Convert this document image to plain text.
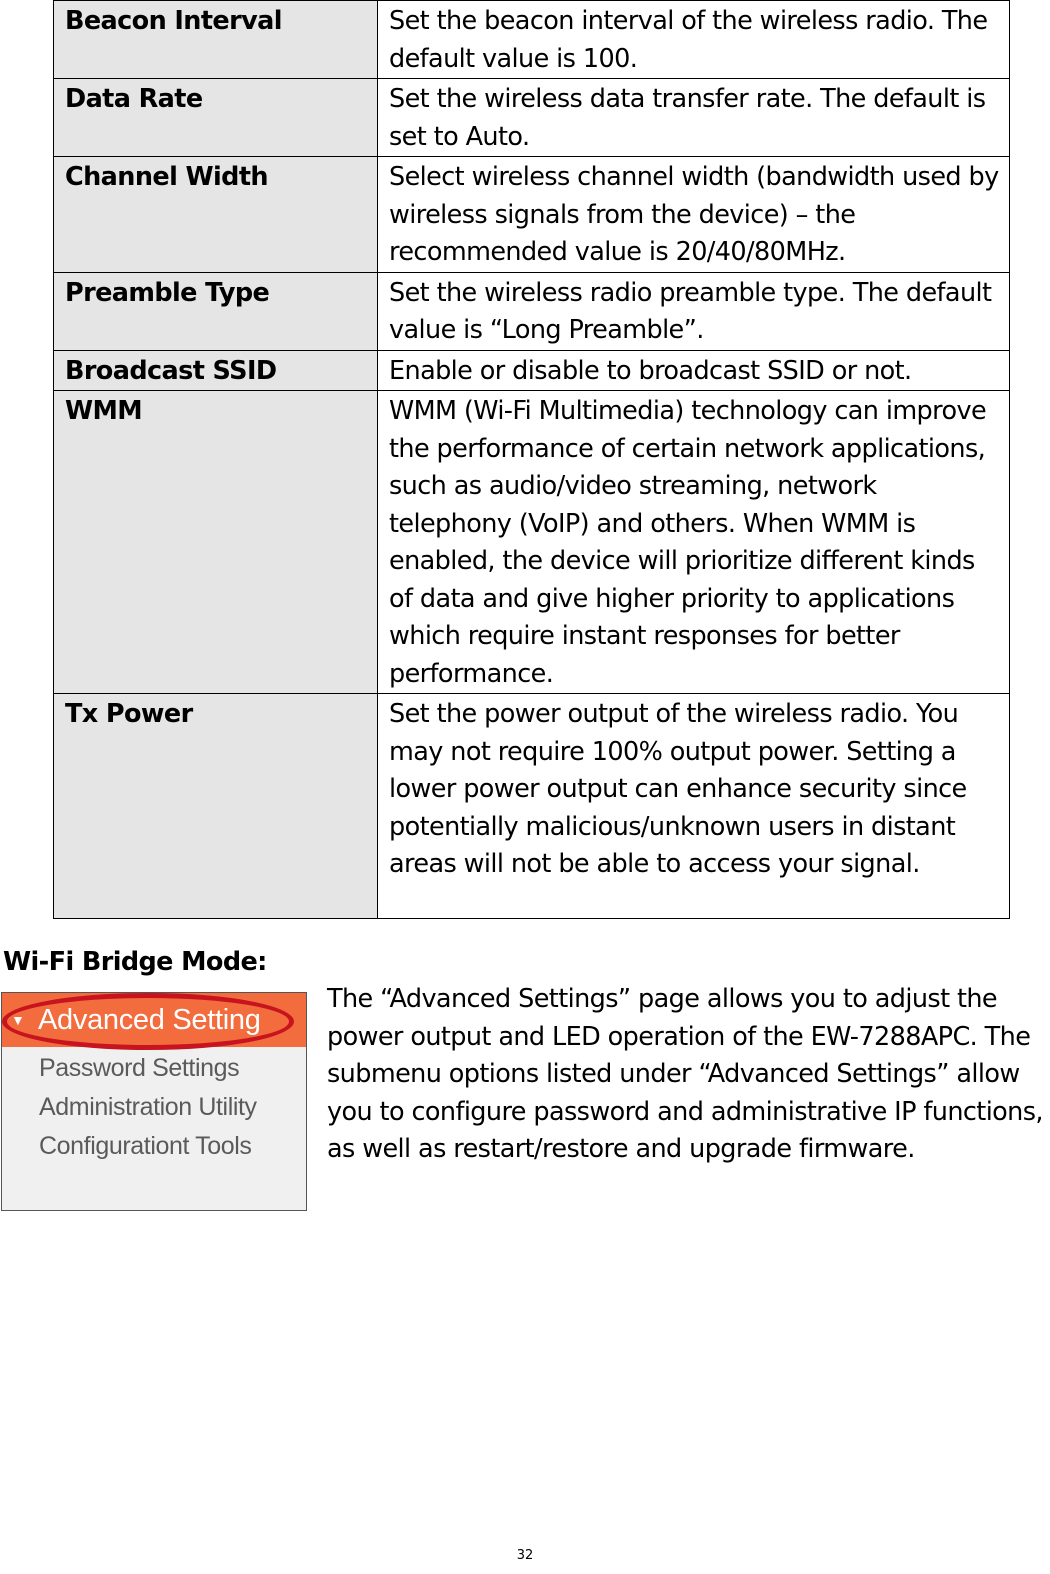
Beacon Interval	Set the beacon interval of the wireless radio. The default value is 100.
Data Rate	Set the wireless data transfer rate. The default is set to Auto.
Channel Width	Select wireless channel width (bandwidth used by wireless signals from the device) – the recommended value is 20/40/80MHz.
Preamble Type	Set the wireless radio preamble type. The default value is “Long Preamble”.
Broadcast SSID	Enable or disable to broadcast SSID or not.
WMM	WMM (Wi-Fi Multimedia) technology can improve the performance of certain network applications, such as audio/video streaming, network telephony (VoIP) and others. When WMM is enabled, the device will prioritize different kinds of data and give higher priority to applications which require instant responses for better performance.
Tx Power	Set the power output of the wireless radio. You may not require 100% output power. Setting a lower power output can enhance security since potentially malicious/unknown users in distant areas will not be able to access your signal.
Wi-Fi Bridge Mode:
▼ Advanced Setting
Password Settings
Administration Utility
Configurationt Tools
The “Advanced Settings” page allows you to adjust the power output and LED operation of the EW-7288APC. The submenu options listed under “Advanced Settings” allow you to configure password and administrative IP functions, as well as restart/restore and upgrade firmware.
32
